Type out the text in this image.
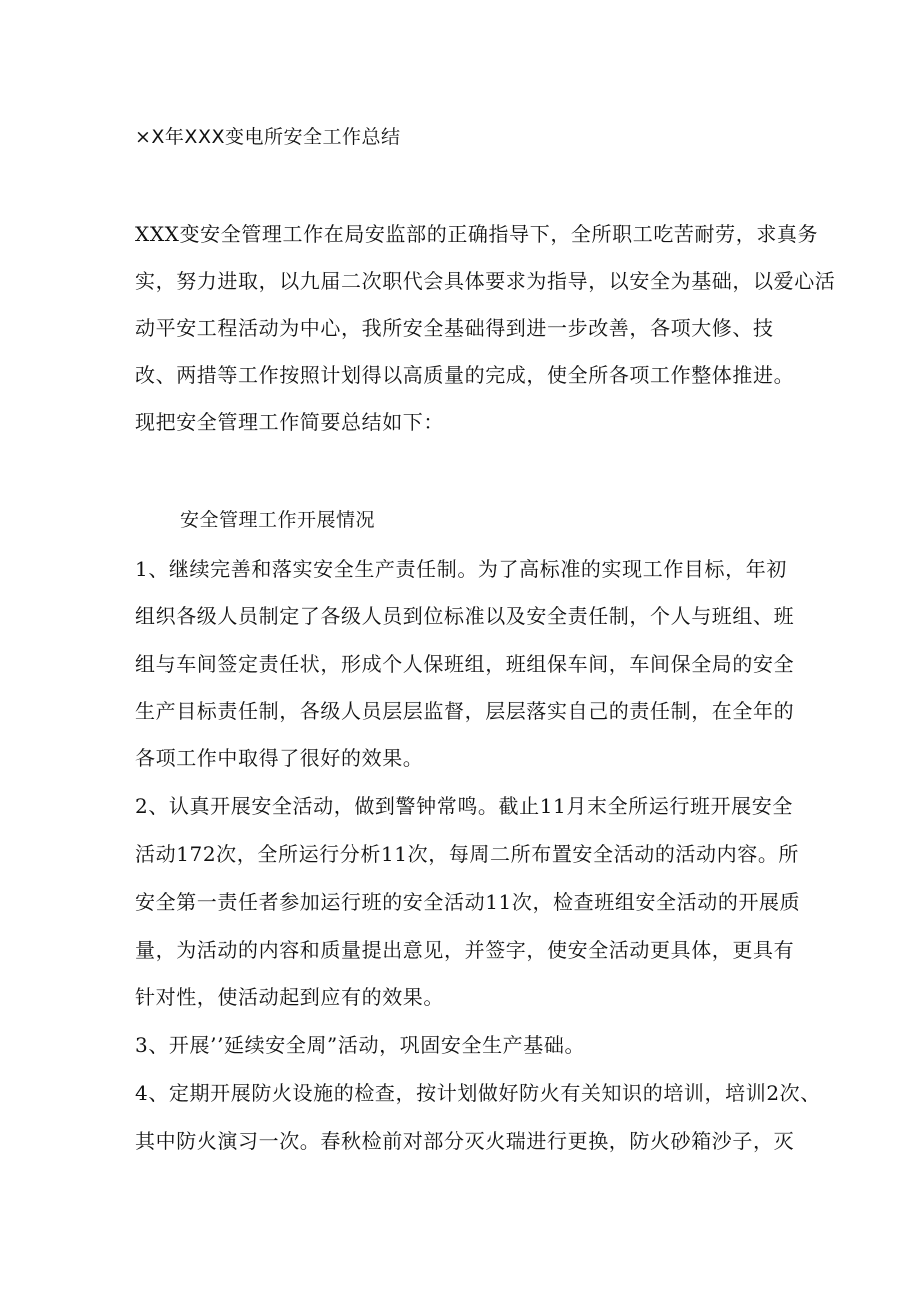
×X年XXX变电所安全工作总结
XXX变安全管理工作在局安监部的正确指导下，全所职工吃苦耐劳，求真务
实，努力进取，以九届二次职代会具体要求为指导，以安全为基础，以爱心活
动平安工程活动为中心，我所安全基础得到进一步改善，各项大修、技
改、两措等工作按照计划得以高质量的完成，使全所各项工作整体推进。
现把安全管理工作简要总结如下：
安全管理工作开展情况
1、继续完善和落实安全生产责任制。为了高标准的实现工作目标，年初
组织各级人员制定了各级人员到位标准以及安全责任制，个人与班组、班
组与车间签定责任状，形成个人保班组，班组保车间，车间保全局的安全
生产目标责任制，各级人员层层监督，层层落实自己的责任制，在全年的
各项工作中取得了很好的效果。
2、认真开展安全活动，做到警钟常鸣。截止11月末全所运行班开展安全
活动172次，全所运行分析11次，每周二所布置安全活动的活动内容。所
安全第一责任者参加运行班的安全活动11次，检查班组安全活动的开展质
量，为活动的内容和质量提出意见，并签字，使安全活动更具体，更具有
针对性，使活动起到应有的效果。
3、开展’’延续安全周”活动，巩固安全生产基础。
4、定期开展防火设施的检查，按计划做好防火有关知识的培训，培训2次、
其中防火演习一次。春秋检前对部分灭火瑞进行更换，防火砂箱沙子，灭
